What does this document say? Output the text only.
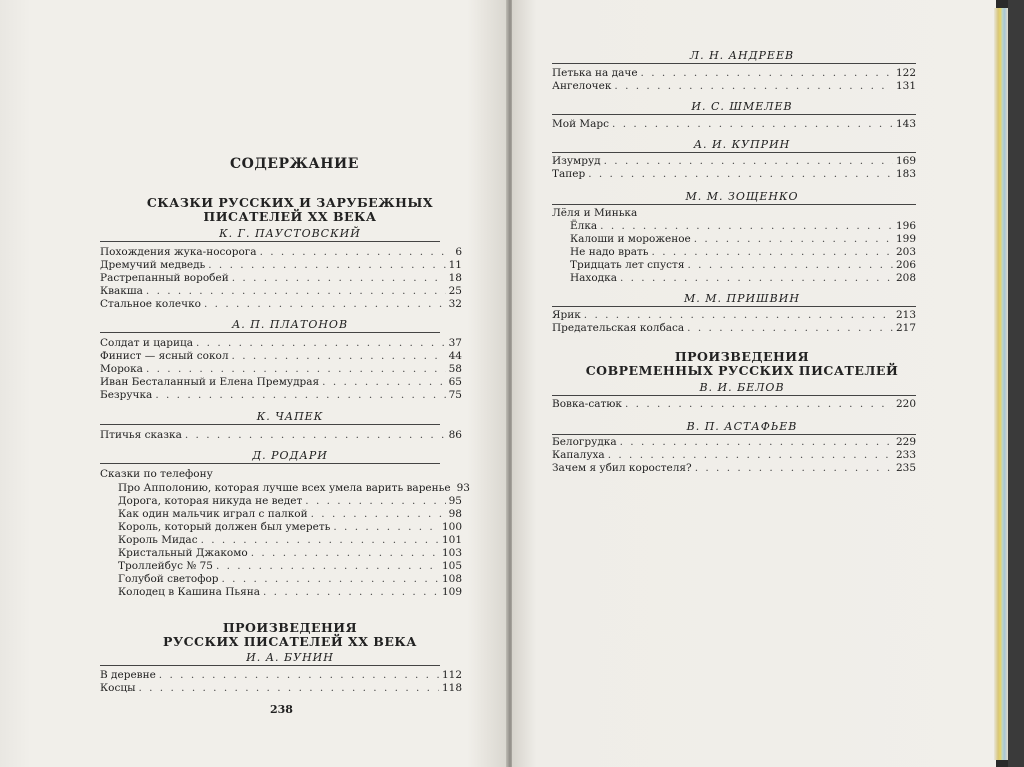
СОДЕРЖАНИЕ
СКАЗКИ РУССКИХ И ЗАРУБЕЖНЫХ
ПИСАТЕЛЕЙ XX ВЕКА
К. Г. ПАУСТОВСКИЙ
Похождения жука-носорога . . .	6
Дремучий медведь . . .	11
Растрепанный воробей . . .	18
Квакша . . .	25
Стальное колечко . . .	32
А. П. ПЛАТОНОВ
Солдат и царица . . .	37
Финист — ясный сокол . . .	44
Морока . . .	58
Иван Бесталанный и Елена Премудрая . . .	65
Безручка . . .	75
К. ЧАПЕК
Птичья сказка . . .	86
Д. РОДАРИ
Сказки по телефону
Про Апполонию, которая лучше всех умела варить варенье 93
Дорога, которая никуда не ведет . . .	95
Как один мальчик играл с палкой . . .	98
Король, который должен был умереть . . .	100
Король Мидас . . .	101
Кристальный Джакомо . . .	103
Троллейбус № 75 . . .	105
Голубой светофор . . .	108
Колодец в Кашина Пьяна . . .	109
ПРОИЗВЕДЕНИЯ
РУССКИХ ПИСАТЕЛЕЙ XX ВЕКА
И. А. БУНИН
В деревне . . .	112
Косцы . . .	118
238
Л. Н. АНДРЕЕВ
Петька на даче . . .	122
Ангелочек . . .	131
И. С. ШМЕЛЕВ
Мой Марс . . .	143
А. И. КУПРИН
Изумруд . . .	169
Тапер . . .	183
М. М. ЗОЩЕНКО
Лёля и Минька
Ёлка . . .	196
Калоши и мороженое . . .	199
Не надо врать . . .	203
Тридцать лет спустя . . .	206
Находка . . .	208
М. М. ПРИШВИН
Ярик . . .	213
Предательская колбаса . . .	217
ПРОИЗВЕДЕНИЯ
СОВРЕМЕННЫХ РУССКИХ ПИСАТЕЛЕЙ
В. И. БЕЛОВ
Вовка-сатюк . . .	220
В. П. АСТАФЬЕВ
Белогрудка . . .	229
Капалуха . . .	233
Зачем я убил коростеля? . . .	235
